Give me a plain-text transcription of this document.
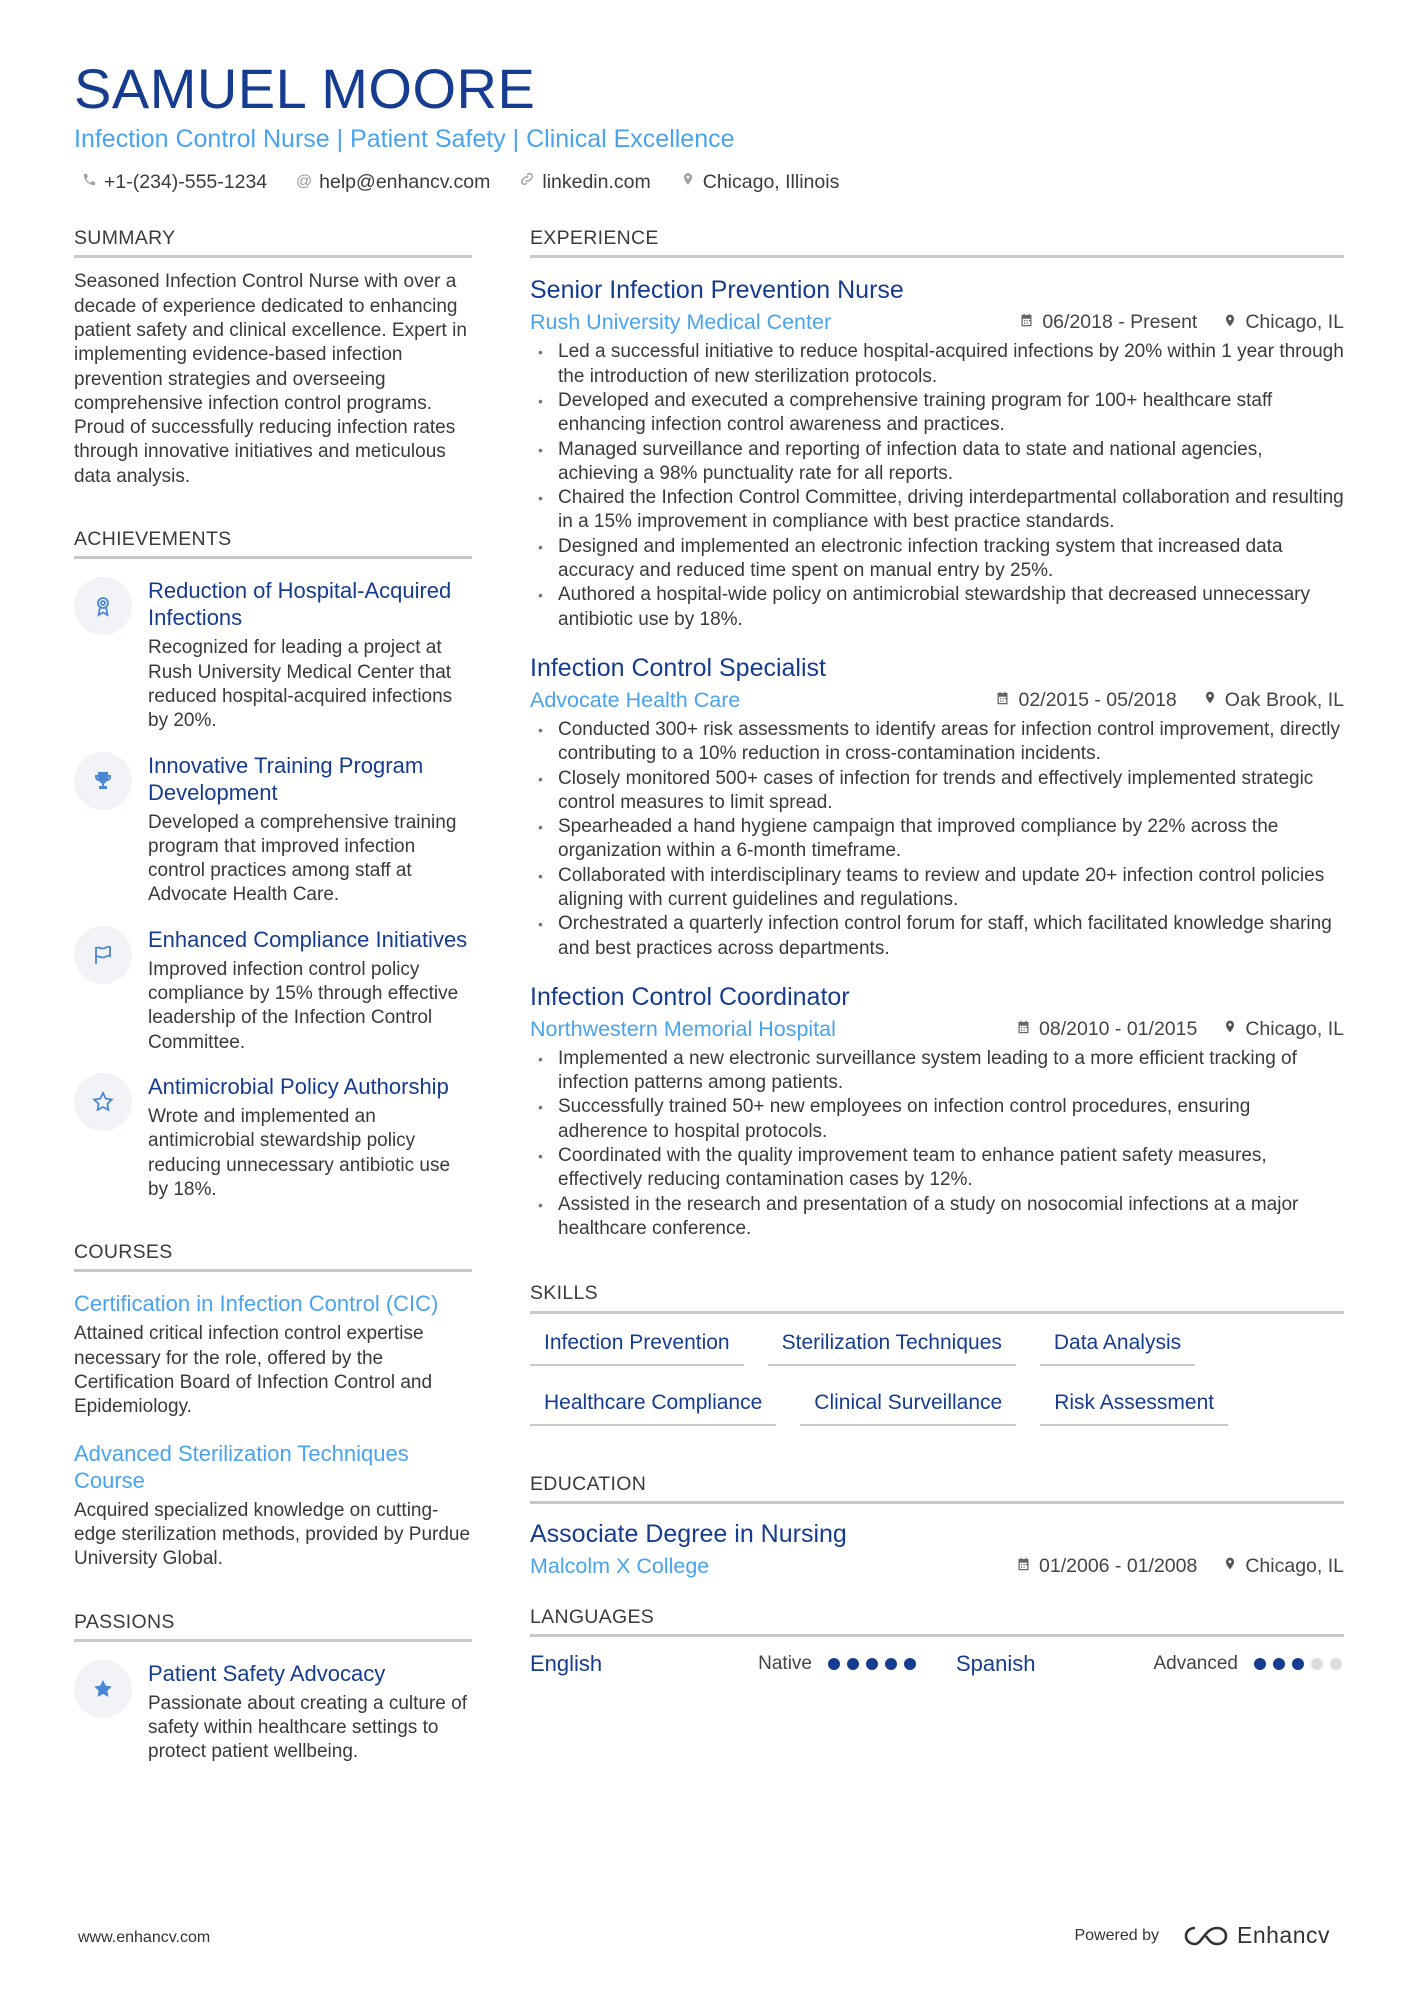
SAMUEL MOORE
Infection Control Nurse | Patient Safety | Clinical Excellence
+1-(234)-555-1234 @ help@enhancv.com	linkedin.com	Chicago, Illinois
SUMMARY

Seasoned Infection Control Nurse with over a decade of experience dedicated to enhancing patient safety and clinical excellence. Expert in implementing evidence-based infection prevention strategies and overseeing comprehensive infection control programs. Proud of successfully reducing infection rates through innovative initiatives and meticulous data analysis.

ACHIEVEMENTS
Reduction of Hospital-Acquired Infections
Recognized for leading a project at Rush University Medical Center that reduced hospital-acquired infections by 20%.
Innovative Training Program Development
Developed a comprehensive training program that improved infection control practices among staff at Advocate Health Care.
Enhanced Compliance Initiatives
Improved infection control policy compliance by 15% through effective leadership of the Infection Control Committee.
Antimicrobial Policy Authorship
Wrote and implemented an antimicrobial stewardship policy reducing unnecessary antibiotic use by 18%.
COURSES
Certification in Infection Control (CIC)
Attained critical infection control expertise necessary for the role, offered by the Certification Board of Infection Control and Epidemiology.
Advanced Sterilization Techniques Course
Acquired specialized knowledge on cutting-edge sterilization methods, provided by Purdue University Global.
PASSIONS
Patient Safety Advocacy
Passionate about creating a culture of safety within healthcare settings to protect patient wellbeing.
EXPERIENCE
Senior Infection Prevention Nurse
Rush University Medical Center	06/2018 - Present Chicago, IL
• Led a successful initiative to reduce hospital-acquired infections by 20% within 1 year through the introduction of new sterilization protocols.
• Developed and executed a comprehensive training program for 100+ healthcare staff enhancing infection control awareness and practices.
• Managed surveillance and reporting of infection data to state and national agencies, achieving a 98% punctuality rate for all reports.
• Chaired the Infection Control Committee, driving interdepartmental collaboration and resulting in a 15% improvement in compliance with best practice standards.
• Designed and implemented an electronic infection tracking system that increased data accuracy and reduced time spent on manual entry by 25%.
• Authored a hospital-wide policy on antimicrobial stewardship that decreased unnecessary antibiotic use by 18%.
Infection Control Specialist
Advocate Health Care	02/2015 - 05/2018 Oak Brook, IL
• Conducted 300+ risk assessments to identify areas for infection control improvement, directly contributing to a 10% reduction in cross-contamination incidents.
• Closely monitored 500+ cases of infection for trends and effectively implemented strategic control measures to limit spread.
• Spearheaded a hand hygiene campaign that improved compliance by 22% across the organization within a 6-month timeframe.
• Collaborated with interdisciplinary teams to review and update 20+ infection control policies aligning with current guidelines and regulations.
• Orchestrated a quarterly infection control forum for staff, which facilitated knowledge sharing and best practices across departments.
Infection Control Coordinator
Northwestern Memorial Hospital	08/2010 - 01/2015 Chicago, IL
• Implemented a new electronic surveillance system leading to a more efficient tracking of infection patterns among patients.
• Successfully trained 50+ new employees on infection control procedures, ensuring adherence to hospital protocols.
• Coordinated with the quality improvement team to enhance patient safety measures, effectively reducing contamination cases by 12%.
• Assisted in the research and presentation of a study on nosocomial infections at a major healthcare conference.
SKILLS
Infection Prevention	Sterilization Techniques	Data Analysis
Healthcare Compliance	Clinical Surveillance	Risk Assessment
EDUCATION
Associate Degree in Nursing
Malcolm X College	01/2006 - 01/2008 Chicago, IL
LANGUAGES
English	Native	Spanish	Advanced
www.enhancv.com	Powered by	Enhancv
